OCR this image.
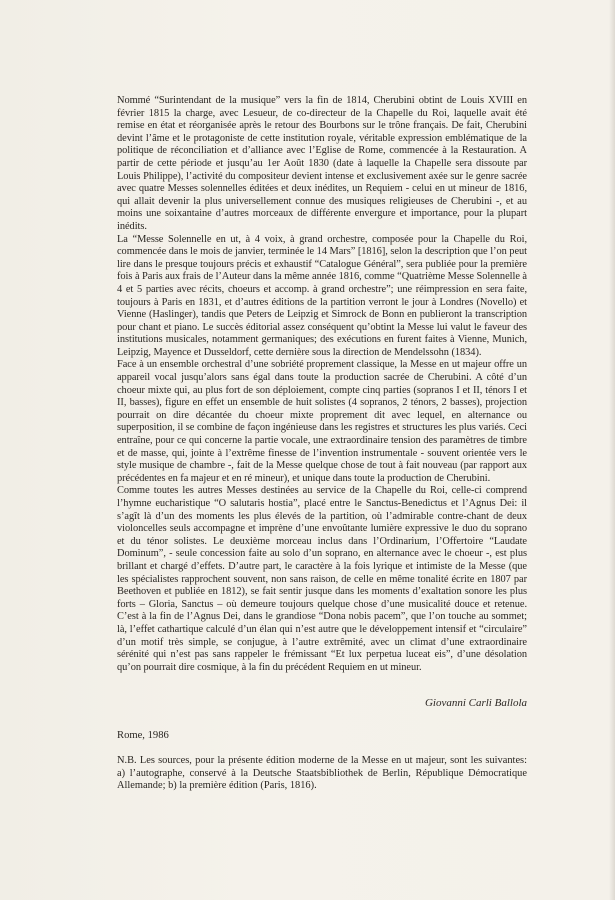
Nommé “Surintendant de la musique” vers la fin de 1814, Cherubini obtint de Louis XVIII en février 1815 la charge, avec Lesueur, de co-directeur de la Chapelle du Roi, laquelle avait été remise en état et réorganisée après le retour des Bourbons sur le trône français. De fait, Cherubini devint l’âme et le protagoniste de cette institution royale, véritable expression emblématique de la politique de réconciliation et d’alliance avec l’Eglise de Rome, commencée à la Restauration. A partir de cette période et jusqu’au 1er Août 1830 (date à laquelle la Chapelle sera dissoute par Louis Philippe), l’activité du compositeur devient intense et exclusivement axée sur le genre sacrée avec quatre Messes solennelles éditées et deux inédites, un Requiem - celui en ut mineur de 1816, qui allait devenir la plus universellement connue des musiques religieuses de Cherubini -, et au moins une soixantaine d’autres morceaux de différente envergure et importance, pour la plupart inédits.

La “Messe Solennelle en ut, à 4 voix, à grand orchestre, composée pour la Chapelle du Roi, commencée dans le mois de janvier, terminée le 14 Mars” [1816], selon la description que l’on peut lire dans le presque toujours précis et exhaustif “Catalogue Général”, sera publiée pour la première fois à Paris aux frais de l’Auteur dans la même année 1816, comme “Quatrième Messe Solennelle à 4 et 5 parties avec récits, choeurs et accomp. à grand orchestre”; une réimpression en sera faite, toujours à Paris en 1831, et d’autres éditions de la partition verront le jour à Londres (Novello) et Vienne (Haslinger), tandis que Peters de Leipzig et Simrock de Bonn en publieront la transcription pour chant et piano. Le succès éditorial assez conséquent qu’obtint la Messe lui valut le faveur des institutions musicales, notamment germaniques; des exécutions en furent faites à Vienne, Munich, Leipzig, Mayence et Dusseldorf, cette dernière sous la direction de Mendelssohn (1834).

Face à un ensemble orchestral d’une sobriété proprement classique, la Messe en ut majeur offre un appareil vocal jusqu’alors sans égal dans toute la production sacrée de Cherubini. A côté d’un choeur mixte qui, au plus fort de son déploiement, compte cinq parties (sopranos I et II, ténors I et II, basses), figure en effet un ensemble de huit solistes (4 sopranos, 2 ténors, 2 basses), projection pourrait on dire décantée du choeur mixte proprement dit avec lequel, en alternance ou superposition, il se combine de façon ingénieuse dans les registres et structures les plus variés. Ceci entraîne, pour ce qui concerne la partie vocale, une extraordinaire tension des paramètres de timbre et de masse, qui, jointe à l’extrême finesse de l’invention instrumentale - souvent orientée vers le style musique de chambre -, fait de la Messe quelque chose de tout à fait nouveau (par rapport aux précédentes en fa majeur et en ré mineur), et unique dans toute la production de Cherubini.

Comme toutes les autres Messes destinées au service de la Chapelle du Roi, celle-ci comprend l’hymne eucharistique “O salutaris hostia”, placé entre le Sanctus-Benedictus et l’Agnus Dei: il s’agît là d’un des moments les plus élevés de la partition, où l’admirable contre-chant de deux violoncelles seuls accompagne et imprène d’une envoûtante lumière expressive le duo du soprano et du ténor solistes. Le deuxième morceau inclus dans l’Ordinarium, l’Offertoire “Laudate Dominum”, - seule concession faite au solo d’un soprano, en alternance avec le choeur -, est plus brillant et chargé d’effets. D’autre part, le caractère à la fois lyrique et intimiste de la Messe (que les spécialistes rapprochent souvent, non sans raison, de celle en même tonalité écrite en 1807 par Beethoven et publiée en 1812), se fait sentir jusque dans les moments d’exaltation sonore les plus forts – Gloria, Sanctus – où demeure toujours quelque chose d’une musicalité douce et retenue. C’est à la fin de l’Agnus Dei, dans le grandiose “Dona nobis pacem”, que l’on touche au sommet; là, l’effet cathartique calculé d’un élan qui n’est autre que le développement intensif et “circulaire” d’un motif très simple, se conjugue, à l’autre extrêmité, avec un climat d’une extraordinaire sérénité qui n’est pas sans rappeler le frémissant “Et lux perpetua luceat eis”, d’une désolation qu’on pourrait dire cosmique, à la fin du précédent Requiem en ut mineur.

Giovanni Carli Ballola
Rome, 1986
N.B. Les sources, pour la présente édition moderne de la Messe en ut majeur, sont les suivantes: a) l’autographe, conservé à la Deutsche Staatsbibliothek de Berlin, République Démocratique Allemande; b) la première édition (Paris, 1816).
